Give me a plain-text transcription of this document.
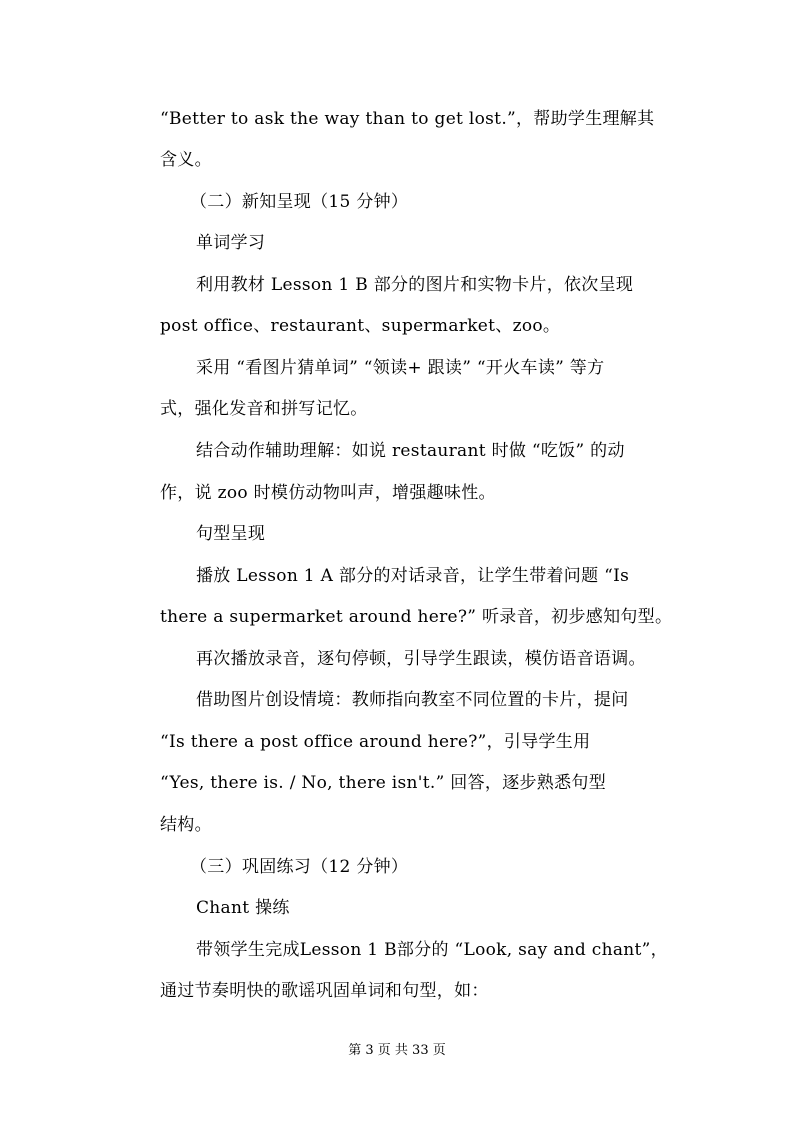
“Better to ask the way than to get lost.”，帮助学生理解其
含义。
（二）新知呈现（15 分钟）
单词学习
利用教材 Lesson 1 B 部分的图片和实物卡片，依次呈现
post office、restaurant、supermarket、zoo。
采用 “看图片猜单词” “领读+ 跟读” “开火车读” 等方
式，强化发音和拼写记忆。
结合动作辅助理解：如说 restaurant 时做 “吃饭” 的动
作，说 zoo 时模仿动物叫声，增强趣味性。
句型呈现
播放 Lesson 1 A 部分的对话录音，让学生带着问题 “Is
there a supermarket around here?” 听录音，初步感知句型。
再次播放录音，逐句停顿，引导学生跟读，模仿语音语调。
借助图片创设情境：教师指向教室不同位置的卡片，提问
“Is there a post office around here?”，引导学生用
“Yes, there is. / No, there isn't.” 回答，逐步熟悉句型
结构。
（三）巩固练习（12 分钟）
Chant 操练
带领学生完成Lesson 1 B部分的 “Look, say and chant”，
通过节奏明快的歌谣巩固单词和句型，如：
第 3 页 共 33 页
